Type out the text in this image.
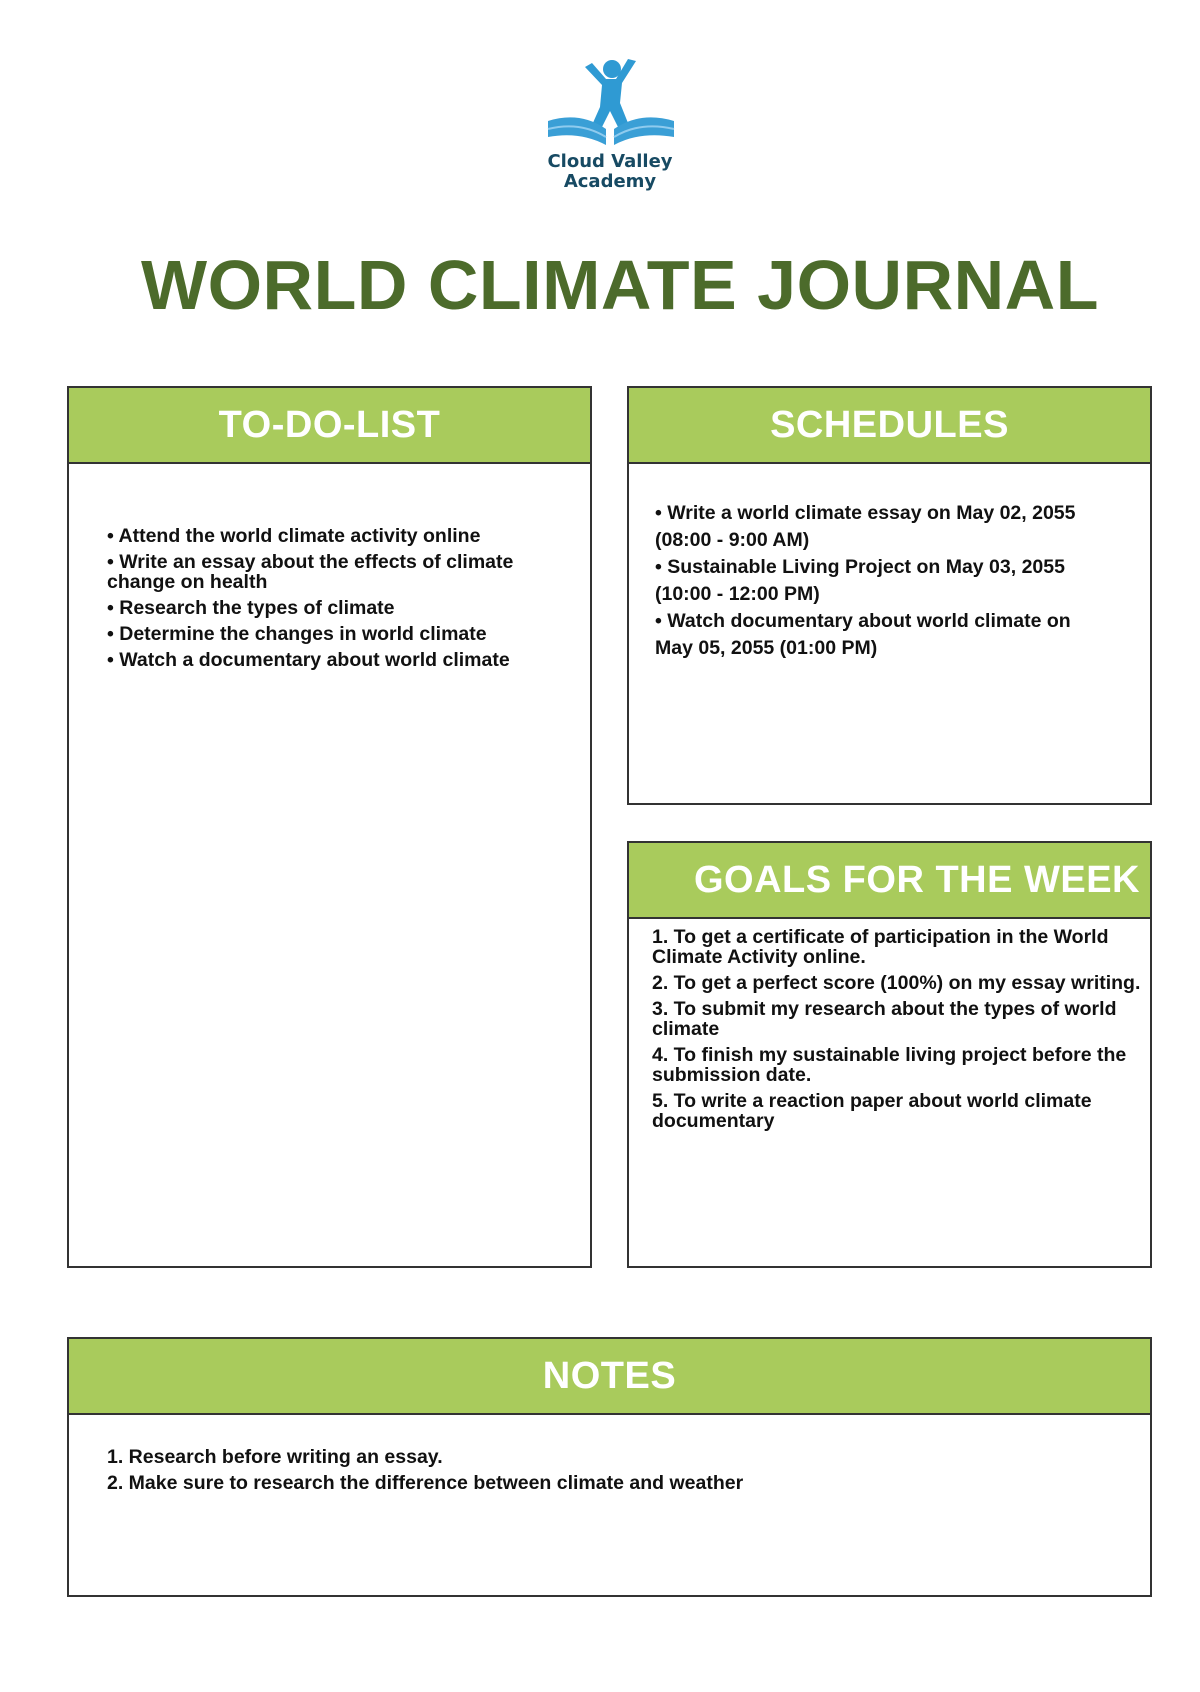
Cloud Valley
Academy
WORLD CLIMATE JOURNAL
TO-DO-LIST
• Attend the world climate activity online
• Write an essay about the effects of climate change on health
• Research the types of climate
• Determine the changes in world climate
• Watch a documentary about world climate
SCHEDULES
• Write a world climate essay on May 02, 2055 (08:00 - 9:00 AM)
• Sustainable Living Project on May 03, 2055 (10:00 - 12:00 PM)
• Watch documentary about world climate on May 05, 2055 (01:00 PM)
GOALS FOR THE WEEK
1. To get a certificate of participation in the World Climate Activity online.
2. To get a perfect score (100%) on my essay writing.
3. To submit my research about the types of world climate
4. To finish my sustainable living project before the submission date.
5. To write a reaction paper about world climate documentary
NOTES
1. Research before writing an essay.
2. Make sure to research the difference between climate and weather
